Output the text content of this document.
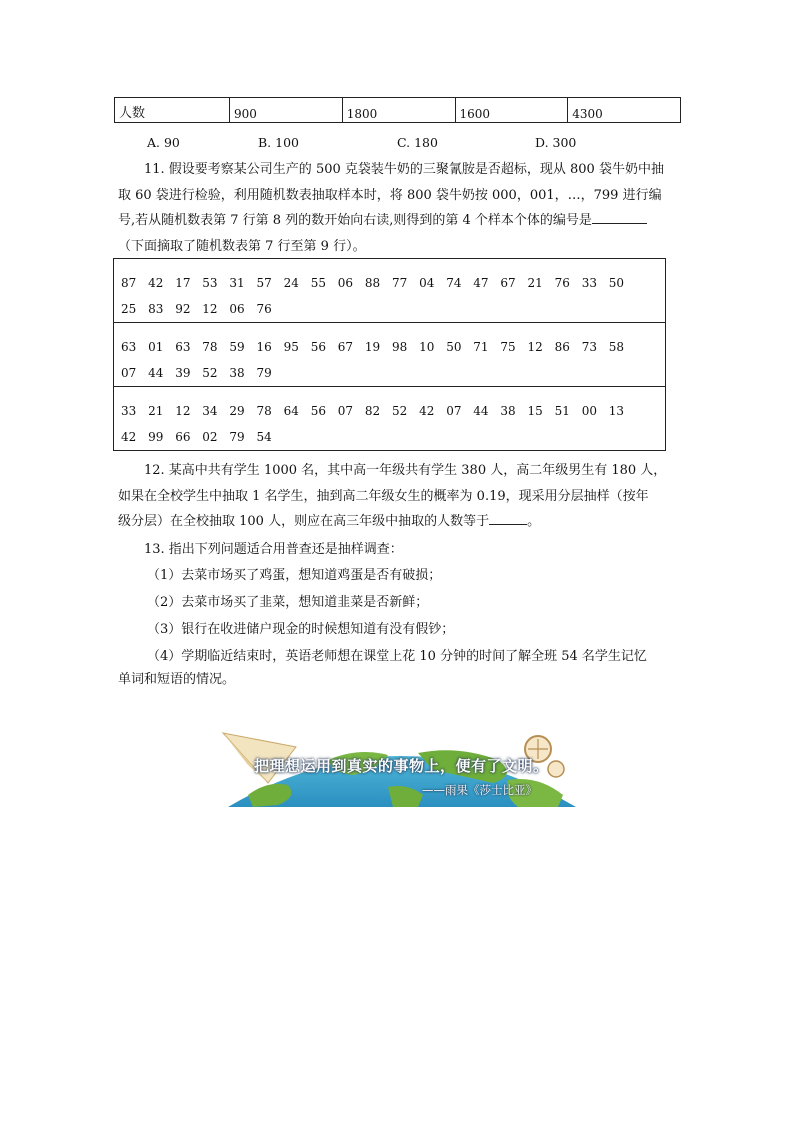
人数	900	1800	1600	4300
A. 90	B. 100	C. 180	D. 300
11. 假设要考察某公司生产的 500 克袋装牛奶的三聚氰胺是否超标，现从 800 袋牛奶中抽
取 60 袋进行检验，利用随机数表抽取样本时，将 800 袋牛奶按 000，001，…，799 进行编
号,若从随机数表第 7 行第 8 列的数开始向右读,则得到的第 4 个样本个体的编号是
（下面摘取了随机数表第 7 行至第 9 行）。
87 42 17 53 31 57 24 55 06 88 77 04 74 47 67 21 76 33 50
25 83 92 12 06 76
63 01 63 78 59 16 95 56 67 19 98 10 50 71 75 12 86 73 58
07 44 39 52 38 79
33 21 12 34 29 78 64 56 07 82 52 42 07 44 38 15 51 00 13
42 99 66 02 79 54
12. 某高中共有学生 1000 名，其中高一年级共有学生 380 人，高二年级男生有 180 人，
如果在全校学生中抽取 1 名学生，抽到高二年级女生的概率为 0.19，现采用分层抽样（按年
级分层）在全校抽取 100 人，则应在高三年级中抽取的人数等于	。
13. 指出下列问题适合用普查还是抽样调查：
（1）去菜市场买了鸡蛋，想知道鸡蛋是否有破损；
（2）去菜市场买了韭菜，想知道韭菜是否新鲜；
（3）银行在收进储户现金的时候想知道有没有假钞；
（4）学期临近结束时，英语老师想在课堂上花 10 分钟的时间了解全班 54 名学生记忆
单词和短语的情况。
把理想运用到真实的事物上，便有了文明。
——雨果《莎士比亚》
